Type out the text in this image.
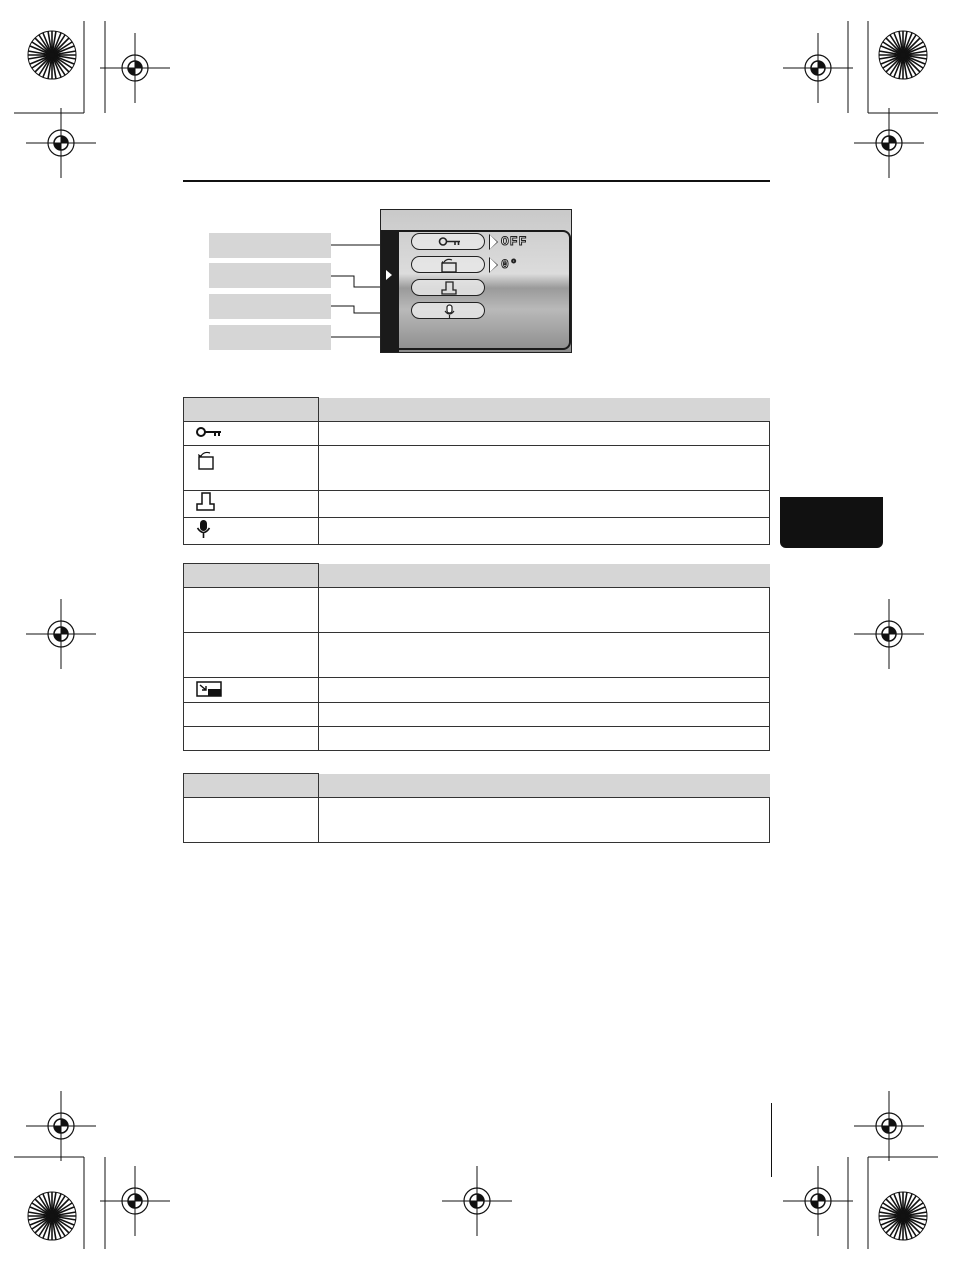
OFF
0°
